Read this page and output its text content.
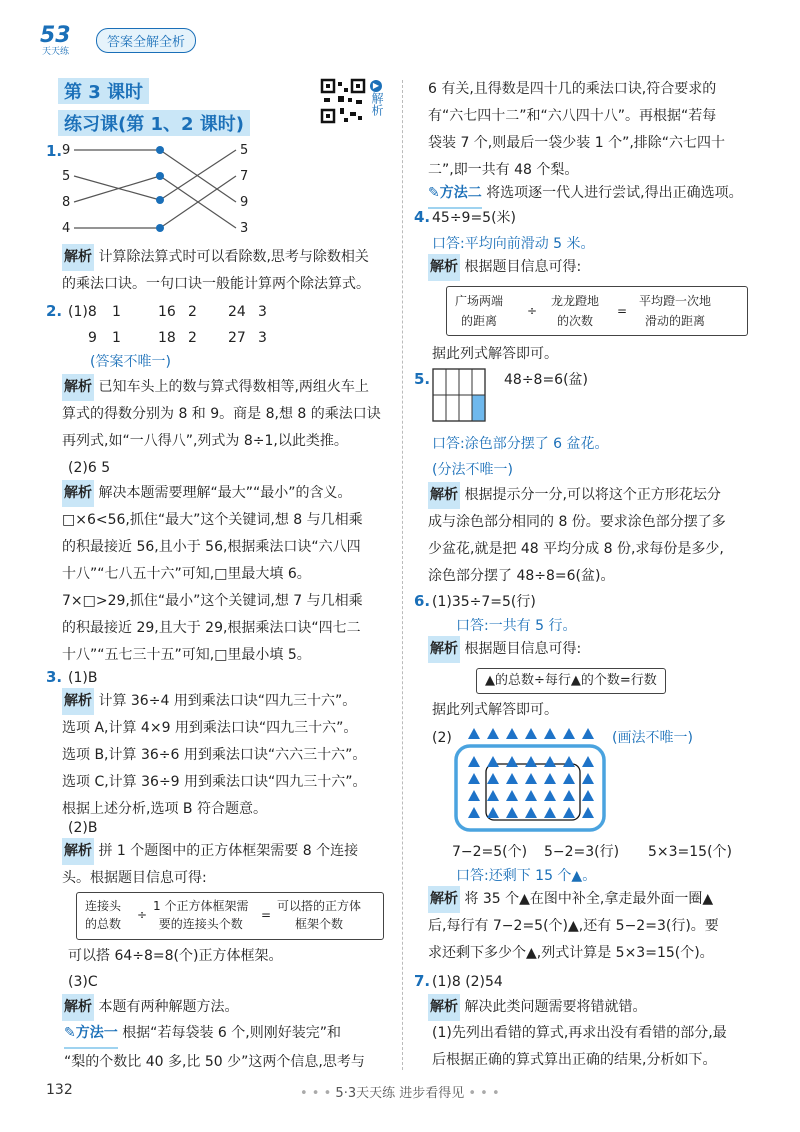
53
天天练
答案全解全析
第 3 课时
练习课(第 1、2 课时)
▶
解析
1. 9
5
8
4
5
7
9
3
解析 计算除法算式时可以看除数,思考与除数相关
的乘法口诀。一句口诀一般能计算两个除法算式。
2. (1)8 1	16 2 24 3
9 1	18 2 27 3
(答案不唯一)
解析 已知车头上的数与算式得数相等,两组火车上
算式的得数分别为 8 和 9。商是 8,想 8 的乘法口诀
再列式,如“一八得八”,列式为 8÷1,以此类推。
(2)6 5
解析 解决本题需要理解“最大”“最小”的含义。
□×6<56,抓住“最大”这个关键词,想 8 与几相乘
的积最接近 56,且小于 56,根据乘法口诀“六八四
十八”“七八五十六”可知,□里最大填 6。
7×□>29,抓住“最小”这个关键词,想 7 与几相乘
的积最接近 29,且大于 29,根据乘法口诀“四七二
十八”“五七三十五”可知,□里最小填 5。
3. (1)B
解析 计算 36÷4 用到乘法口诀“四九三十六”。
选项 A,计算 4×9 用到乘法口诀“四九三十六”。
选项 B,计算 36÷6 用到乘法口诀“六六三十六”。
选项 C,计算 36÷9 用到乘法口诀“四九三十六”。
根据上述分析,选项 B 符合题意。
(2)B
解析 拼 1 个题图中的正方体框架需要 8 个连接
头。根据题目信息可得:
连接头
的总数
÷
1 个正方体框架需
要的连接头个数
=
可以搭的正方体
框架个数
可以搭 64÷8=8(个)正方体框架。
(3)C
解析 本题有两种解题方法。
✎方法一 根据“若每袋装 6 个,则刚好装完”和
“梨的个数比 40 多,比 50 少”这两个信息,思考与
6 有关,且得数是四十几的乘法口诀,符合要求的
有“六七四十二”和“六八四十八”。再根据“若每
袋装 7 个,则最后一袋少装 1 个”,排除“六七四十
二”,即一共有 48 个梨。
✎方法二 将选项逐一代人进行尝试,得出正确选项。
4. 45÷9=5(米)
口答:平均向前滑动 5 米。
解析 根据题目信息可得:
广场两端
的距离
÷
龙龙蹬地
的次数
=
平均蹬一次地
滑动的距离
据此列式解答即可。
5.	48÷8=6(盆)
口答:涂色部分摆了 6 盆花。
(分法不唯一)
解析 根据提示分一分,可以将这个正方形花坛分
成与涂色部分相同的 8 份。要求涂色部分摆了多
少盆花,就是把 48 平均分成 8 份,求每份是多少,
涂色部分摆了 48÷8=6(盆)。
6. (1)35÷7=5(行)
口答:一共有 5 行。
解析 根据题目信息可得:
▲的总数÷每行▲的个数=行数
据此列式解答即可。
(2)	(画法不唯一)
7−2=5(个) 5−2=3(行) 5×3=15(个)
口答:还剩下 15 个▲。
解析 将 35 个▲在图中补全,拿走最外面一圈▲
后,每行有 7−2=5(个)▲,还有 5−2=3(行)。要
求还剩下多少个▲,列式计算是 5×3=15(个)。
7. (1)8 (2)54
解析 解决此类问题需要将错就错。
(1)先列出看错的算式,再求出没有看错的部分,最
后根据正确的算式算出正确的结果,分析如下。
132	• • • 5·3天天练 进步看得见 • • •
